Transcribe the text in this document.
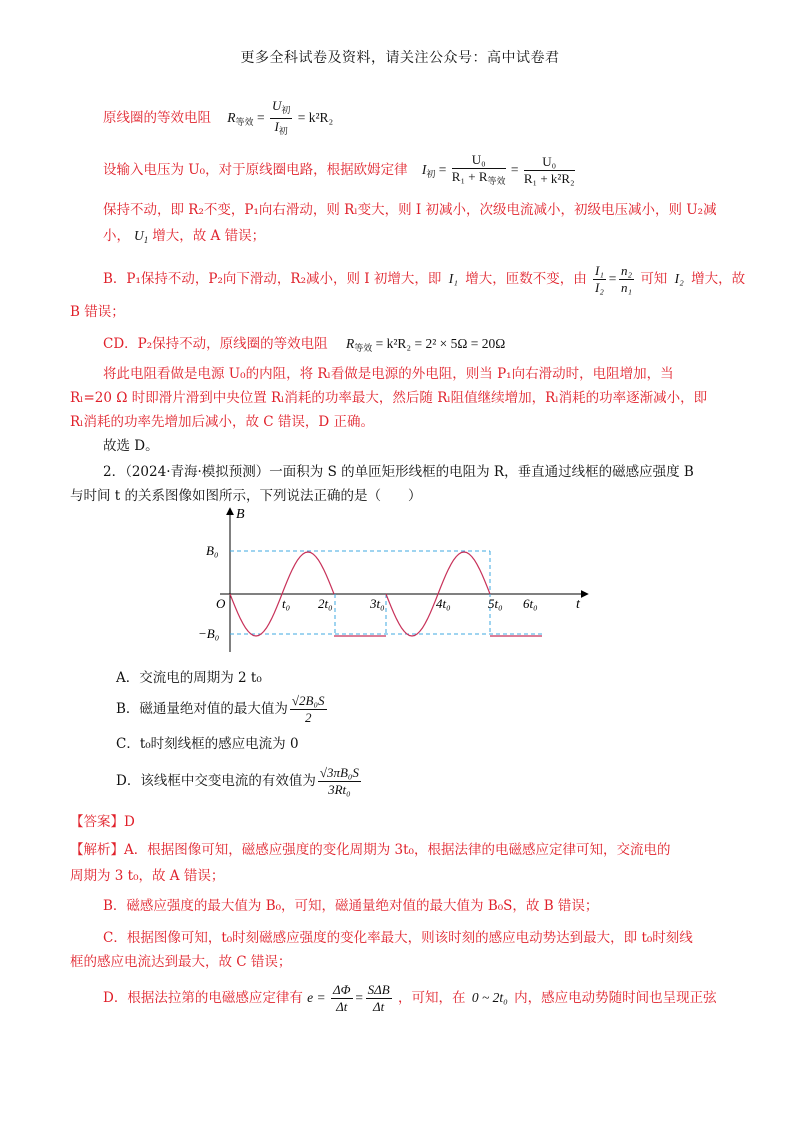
更多全科试卷及资料，请关注公众号：高中试卷君
原线圈的等效电阻 $R_{等效} = \frac{U_初}{I_初} = k^2R_2$
设输入电压为 U₀，对于原线圈电路，根据欧姆定律 $I_初 = \frac{\text{U₀}}{R_1 + R_{等效}} = \frac{\text{U₀}}{\text{R₁ + k²R₂}}$
保持不动，即 R₂不变，P₁向右滑动，则 Rₗ变大，则 I 初减小，次级电流减小，初级电压减小，则 U₂减
小， $U_1$ 增大，故 A 错误；
B．P₁保持不动，P₂向下滑动，R₂减小，则 I 初增大，即 I₁ 增大，匝数不变，由 $\frac{\text{I₁}}{\text{I₂}} = \frac{\text{n₂}}{\text{n₁}}$ 可知 I₂ 增大，故
B 错误；
CD．P₂保持不动，原线圈的等效电阻 $R_{等效} = k^2R_2 = 2^2 \times 5\Omega = 20\Omega$
将此电阻看做是电源 U₀的内阻，将 Rₗ看做是电源的外电阻，则当 P₁向右滑动时，电阻增加，当
Rₗ=20 Ω 时即滑片滑到中央位置 Rₗ消耗的功率最大，然后随 Rₗ阻值继续增加，Rₗ消耗的功率逐渐减小，即
Rₗ消耗的功率先增加后减小，故 C 错误，D 正确。
故选 D。
2．（2024·青海·模拟预测）一面积为 S 的单匝矩形线框的电阻为 R，垂直通过线框的磁感应强度 B
与时间 t 的关系图像如图所示，下列说法正确的是（　　）
B
t
O
B₀
−B₀
t₀ 2t₀	3t₀	4t₀	5t₀ 6t₀
A．交流电的周期为 2 t₀
B．磁通量绝对值的最大值为 $\frac{\text{√2B₀S}}{2}$
C．t₀时刻线框的感应电流为 0
D．该线框中交变电流的有效值为 $\frac{\text{√3πB₀S}}{\text{3Rt₀}}$
【答案】D
【解析】A．根据图像可知，磁感应强度的变化周期为 3t₀，根据法律的电磁感应定律可知，交流电的
周期为 3 t₀，故 A 错误；
B．磁感应强度的最大值为 B₀，可知，磁通量绝对值的最大值为 B₀S，故 B 错误；
C．根据图像可知，t₀时刻磁感应强度的变化率最大，则该时刻的感应电动势达到最大，即 t₀时刻线
框的感应电流达到最大，故 C 错误；
D．根据法拉第的电磁感应定律有 $e = \frac{\Delta\Phi}{\Delta t} = \frac{\text{SΔB}}{\Delta t}$ ，可知，在 0 ~ 2t₀ 内，感应电动势随时间也呈现正弦
